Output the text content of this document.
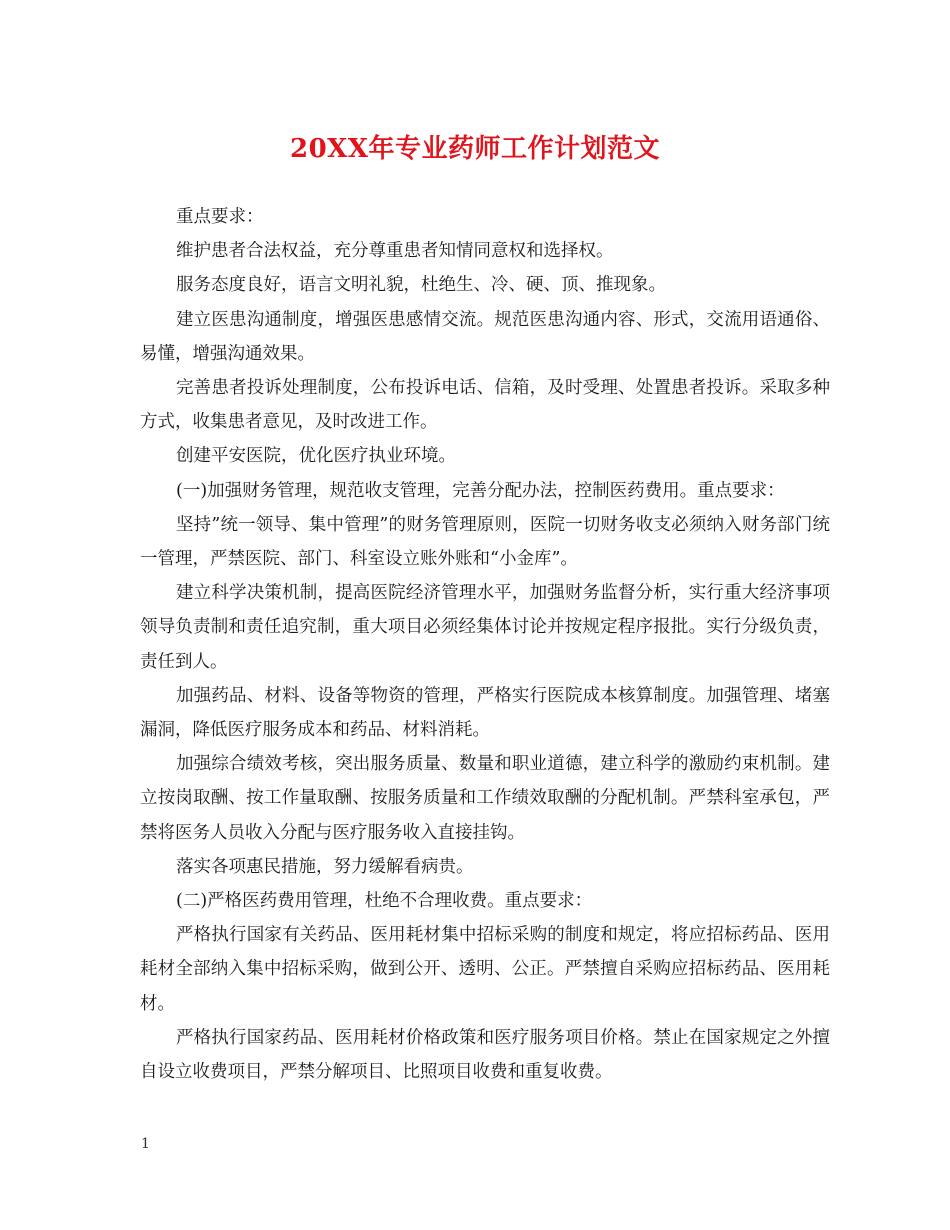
20XX年专业药师工作计划范文

重点要求：

维护患者合法权益，充分尊重患者知情同意权和选择权。

服务态度良好，语言文明礼貌，杜绝生、冷、硬、顶、推现象。

建立医患沟通制度，增强医患感情交流。规范医患沟通内容、形式，交流用语通俗、易懂，增强沟通效果。

完善患者投诉处理制度，公布投诉电话、信箱，及时受理、处置患者投诉。采取多种方式，收集患者意见，及时改进工作。

创建平安医院，优化医疗执业环境。

(一)加强财务管理，规范收支管理，完善分配办法，控制医药费用。重点要求：

坚持”统一领导、集中管理”的财务管理原则，医院一切财务收支必须纳入财务部门统一管理，严禁医院、部门、科室设立账外账和“小金库”。

建立科学决策机制，提高医院经济管理水平，加强财务监督分析，实行重大经济事项领导负责制和责任追究制，重大项目必须经集体讨论并按规定程序报批。实行分级负责，责任到人。

加强药品、材料、设备等物资的管理，严格实行医院成本核算制度。加强管理、堵塞漏洞，降低医疗服务成本和药品、材料消耗。

加强综合绩效考核，突出服务质量、数量和职业道德，建立科学的激励约束机制。建立按岗取酬、按工作量取酬、按服务质量和工作绩效取酬的分配机制。严禁科室承包，严禁将医务人员收入分配与医疗服务收入直接挂钩。

落实各项惠民措施，努力缓解看病贵。

(二)严格医药费用管理，杜绝不合理收费。重点要求：

严格执行国家有关药品、医用耗材集中招标采购的制度和规定，将应招标药品、医用耗材全部纳入集中招标采购，做到公开、透明、公正。严禁擅自采购应招标药品、医用耗材。

严格执行国家药品、医用耗材价格政策和医疗服务项目价格。禁止在国家规定之外擅自设立收费项目，严禁分解项目、比照项目收费和重复收费。

1
